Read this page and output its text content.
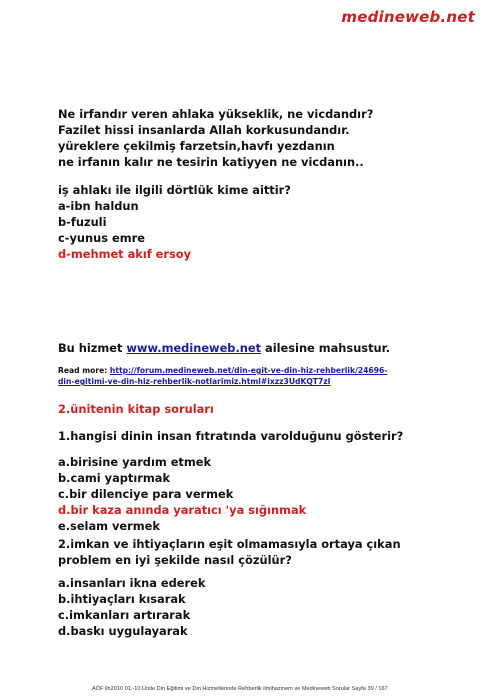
medineweb.net
Ne irfandır veren ahlaka yükseklik, ne vicdandır?
Fazilet hissi insanlarda Allah korkusundandır.
yüreklere çekilmiş farzetsin,havfı yezdanın
ne irfanın kalır ne tesirin katiyyen ne vicdanın..
iş ahlakı ile ilgili dörtlük kime aittir?
a-ibn haldun
b-fuzuli
c-yunus emre
d-mehmet akıf ersoy
Bu hizmet www.medineweb.net ailesine mahsustur.
Read more: http://forum.medineweb.net/din-egit-ve-din-hiz-rehberlik/24696-
din-egitimi-ve-din-hiz-rehberlik-notlarimiz.html#ixzz3UdKQT7zI
2.ünitenin kitap soruları
1.hangisi dinin insan fıtratında varolduğunu gösterir?
a.birisine yardım etmek
b.cami yaptırmak
c.bir dilenciye para vermek
d.bir kaza anında yaratıcı 'ya sığınmak
e.selam vermek
2.imkan ve ihtiyaçların eşit olmamasıyla ortaya çıkan
problem en iyi şekilde nasıl çözülür?
a.insanları ikna ederek
b.ihtiyaçları kısarak
c.imkanları artırarak
d.baskı uygulayarak
AÖF ilh2010 01.-10.Ünite Din Eğitimi ve Din Hizmetlerinde Rehberlik ilmihazinem ve Medineweb Sorular Sayfa 39 / 167
